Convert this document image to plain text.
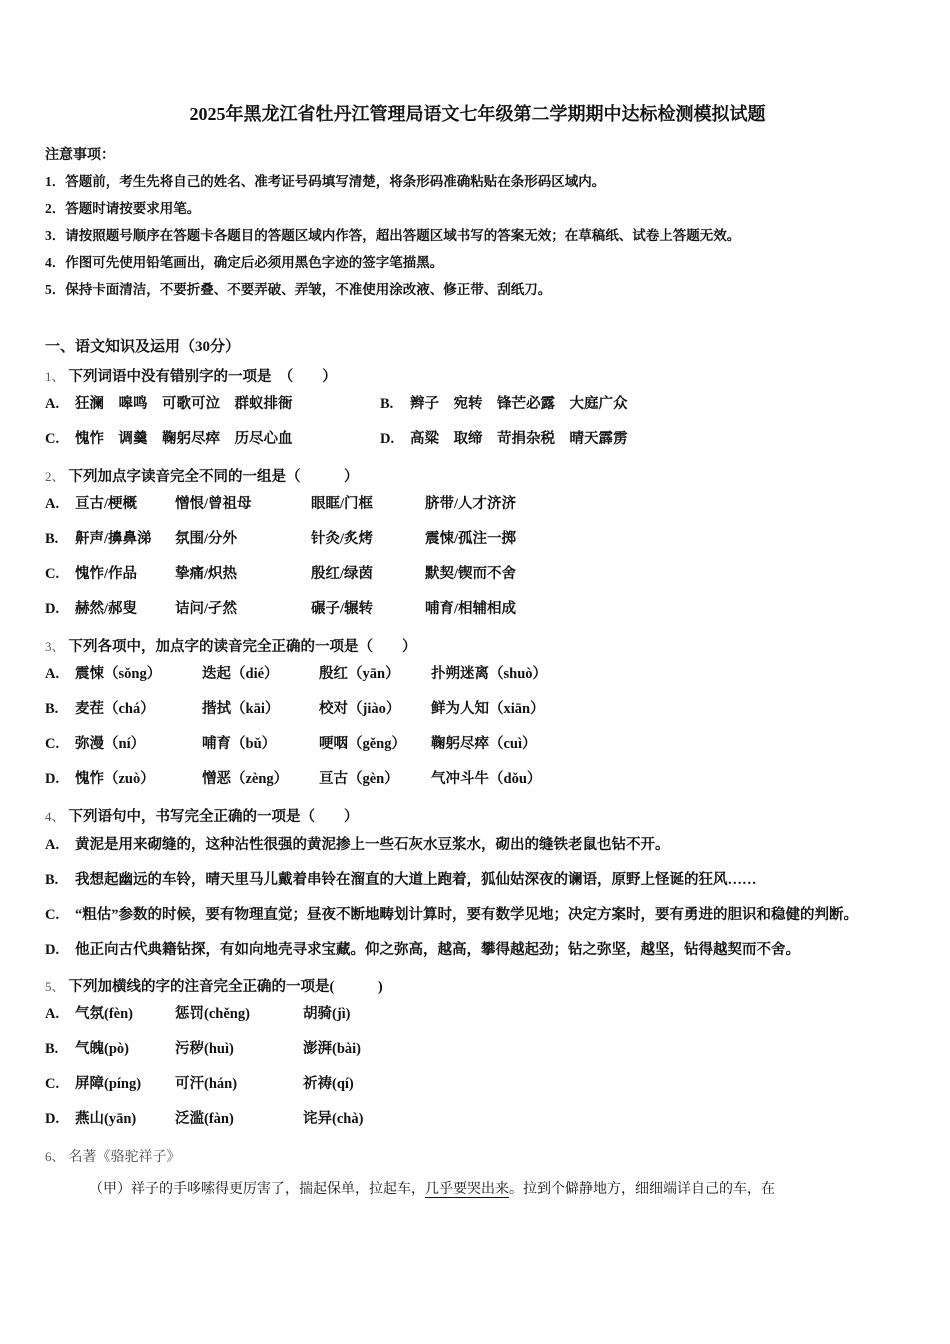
2025年黑龙江省牡丹江管理局语文七年级第二学期期中达标检测模拟试题
注意事项：
1．答题前，考生先将自己的姓名、准考证号码填写清楚，将条形码准确粘贴在条形码区域内。
2．答题时请按要求用笔。
3．请按照题号顺序在答题卡各题目的答题区域内作答，超出答题区域书写的答案无效；在草稿纸、试卷上答题无效。
4．作图可先使用铅笔画出，确定后必须用黑色字迹的签字笔描黑。
5．保持卡面清洁，不要折叠、不要弄破、弄皱，不准使用涂改液、修正带、刮纸刀。
一、语文知识及运用（30分）
1、 下列词语中没有错别字的一项是　（　　）
A.	狂澜　嗥鸣　可歌可泣　群蚁排衙	B.	辫子　宛转　锋芒必露　大庭广众
C.	愧怍　调羹　鞠躬尽瘁　历尽心血	D.	高粱　取缔　苛捐杂税　晴天霹雳
2、 下列加点字读音完全不同的一组是（　　　）
A.	亘古/梗概	憎恨/曾祖母	眼眶/门框	脐带/人才济济
B.	鼾声/擤鼻涕	氛围/分外	针灸/炙烤	震悚/孤注一掷
C.	愧怍/作品	挚痛/炽热	殷红/绿茵	默契/锲而不舍
D.	赫然/郝叟	诘问/孑然	碾子/辗转	哺育/相辅相成
3、 下列各项中，加点字的读音完全正确的一项是（　　）
A.	震悚（sǒng）	迭起（dié）	殷红（yān）	扑朔迷离（shuò）
B.	麦茬（chá）	揩拭（kāi）	校对（jiào）	鲜为人知（xiān）
C.	弥漫（ní）	哺育（bǔ）	哽咽（gěng）	鞠躬尽瘁（cuì）
D.	愧怍（zuò）	憎恶（zèng）	亘古（gèn）	气冲斗牛（dǒu）
4、 下列语句中，书写完全正确的一项是（　　）
A.	黄泥是用来砌缝的，这种沾性很强的黄泥掺上一些石灰水豆浆水，砌出的缝铁老鼠也钻不开。
B.	我想起幽远的车铃，晴天里马儿戴着串铃在溜直的大道上跑着，狐仙姑深夜的谰语，原野上怪诞的狂风……
C.	“粗估”参数的时候，要有物理直觉；昼夜不断地畴划计算时，要有数学见地；决定方案时，要有勇进的胆识和稳健的判断。
D.	他正向古代典籍钻探，有如向地壳寻求宝藏。仰之弥高，越高，攀得越起劲；钻之弥坚，越坚，钻得越契而不舍。
5、 下列加横线的字的注音完全正确的一项是(　　　)
A.	气氛(fèn)	惩罚(chěng)	胡骑(jì)
B.	气魄(pò)	污秽(huì)	澎湃(bài)
C.	屏障(píng)	可汗(hán)	祈祷(qí)
D.	燕山(yān)	泛滥(fàn)	诧异(chà)
6、 名著《骆驼祥子》
（甲）祥子的手哆嗦得更厉害了，揣起保单，拉起车，几乎要哭出来。拉到个僻静地方，细细端详自己的车，在
